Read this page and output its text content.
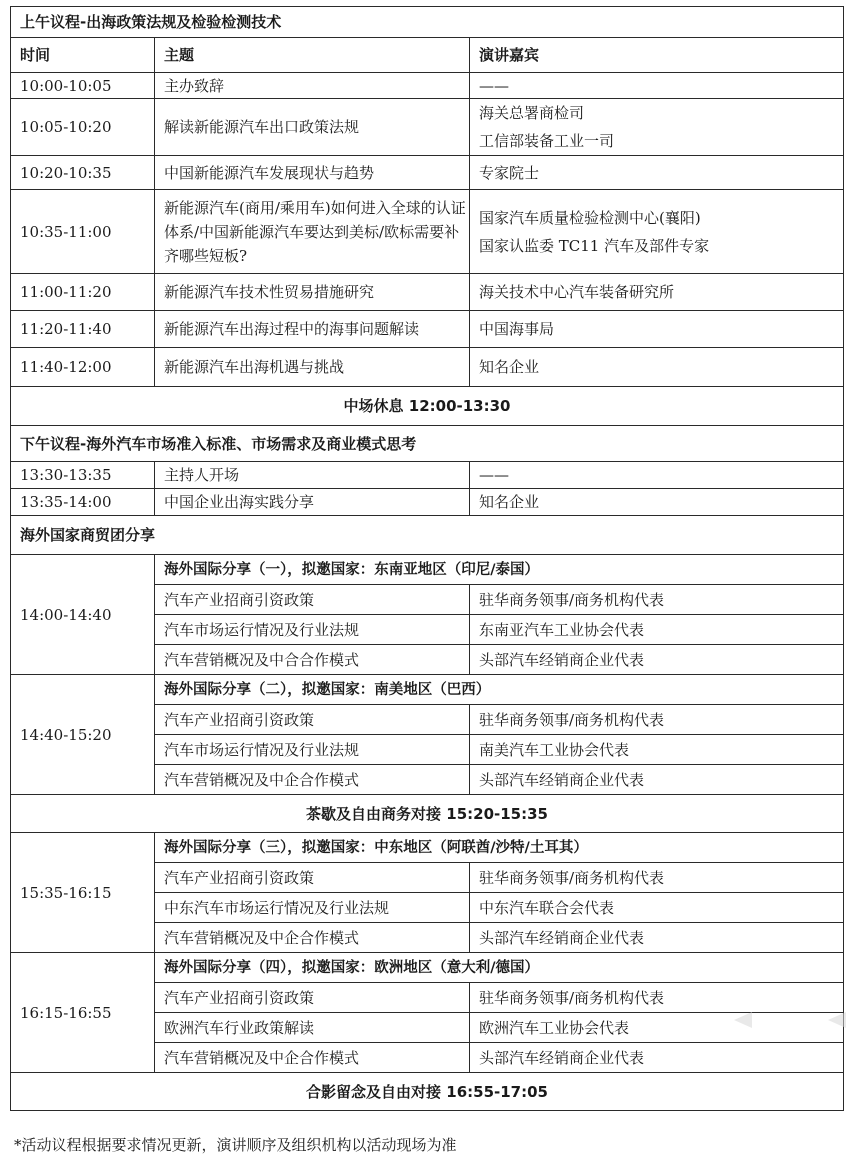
上午议程-出海政策法规及检验检测技术		
时间	主题	演讲嘉宾
10:00-10:05	主办致辞	——

10:05-10:20	解读新能源汽车出口政策法规	海关总署商检司
工信部装备工业一司

10:20-10:35	中国新能源汽车发展现状与趋势	专家院士

10:35-11:00	新能源汽车(商用/乘用车)如何进入全球的认证体系/中国新能源汽车要达到美标/欧标需要补齐哪些短板?	国家汽车质量检验检测中心(襄阳)
国家认监委 TC11 汽车及部件专家

11:00-11:20	新能源汽车技术性贸易措施研究	海关技术中心汽车装备研究所

11:20-11:40	新能源汽车出海过程中的海事问题解读	中国海事局

11:40-12:00	新能源汽车出海机遇与挑战	知名企业

中场休息 12:00-13:30		
下午议程-海外汽车市场准入标准、市场需求及商业模式思考		
13:30-13:35	主持人开场	——
13:35-14:00	中国企业出海实践分享	知名企业
海外国家商贸团分享		
14:00-14:40	海外国际分享（一），拟邀国家：东南亚地区（印尼/泰国）	
	汽车产业招商引资政策	驻华商务领事/商务机构代表
	汽车市场运行情况及行业法规	东南亚汽车工业协会代表
	汽车营销概况及中合合作模式	头部汽车经销商企业代表
14:40-15:20	海外国际分享（二），拟邀国家：南美地区（巴西）	
	汽车产业招商引资政策	驻华商务领事/商务机构代表
	汽车市场运行情况及行业法规	南美汽车工业协会代表
	汽车营销概况及中企合作模式	头部汽车经销商企业代表
茶歇及自由商务对接 15:20-15:35		
15:35-16:15	海外国际分享（三），拟邀国家：中东地区（阿联酋/沙特/土耳其）	
	汽车产业招商引资政策	驻华商务领事/商务机构代表
	中东汽车市场运行情况及行业法规	中东汽车联合会代表
	汽车营销概况及中企合作模式	头部汽车经销商企业代表
16:15-16:55	海外国际分享（四），拟邀国家：欧洲地区（意大利/德国）	
	汽车产业招商引资政策	驻华商务领事/商务机构代表
	欧洲汽车行业政策解读	欧洲汽车工业协会代表
	汽车营销概况及中企合作模式	头部汽车经销商企业代表
合影留念及自由对接 16:55-17:05		
*活动议程根据要求情况更新，演讲顺序及组织机构以活动现场为准
